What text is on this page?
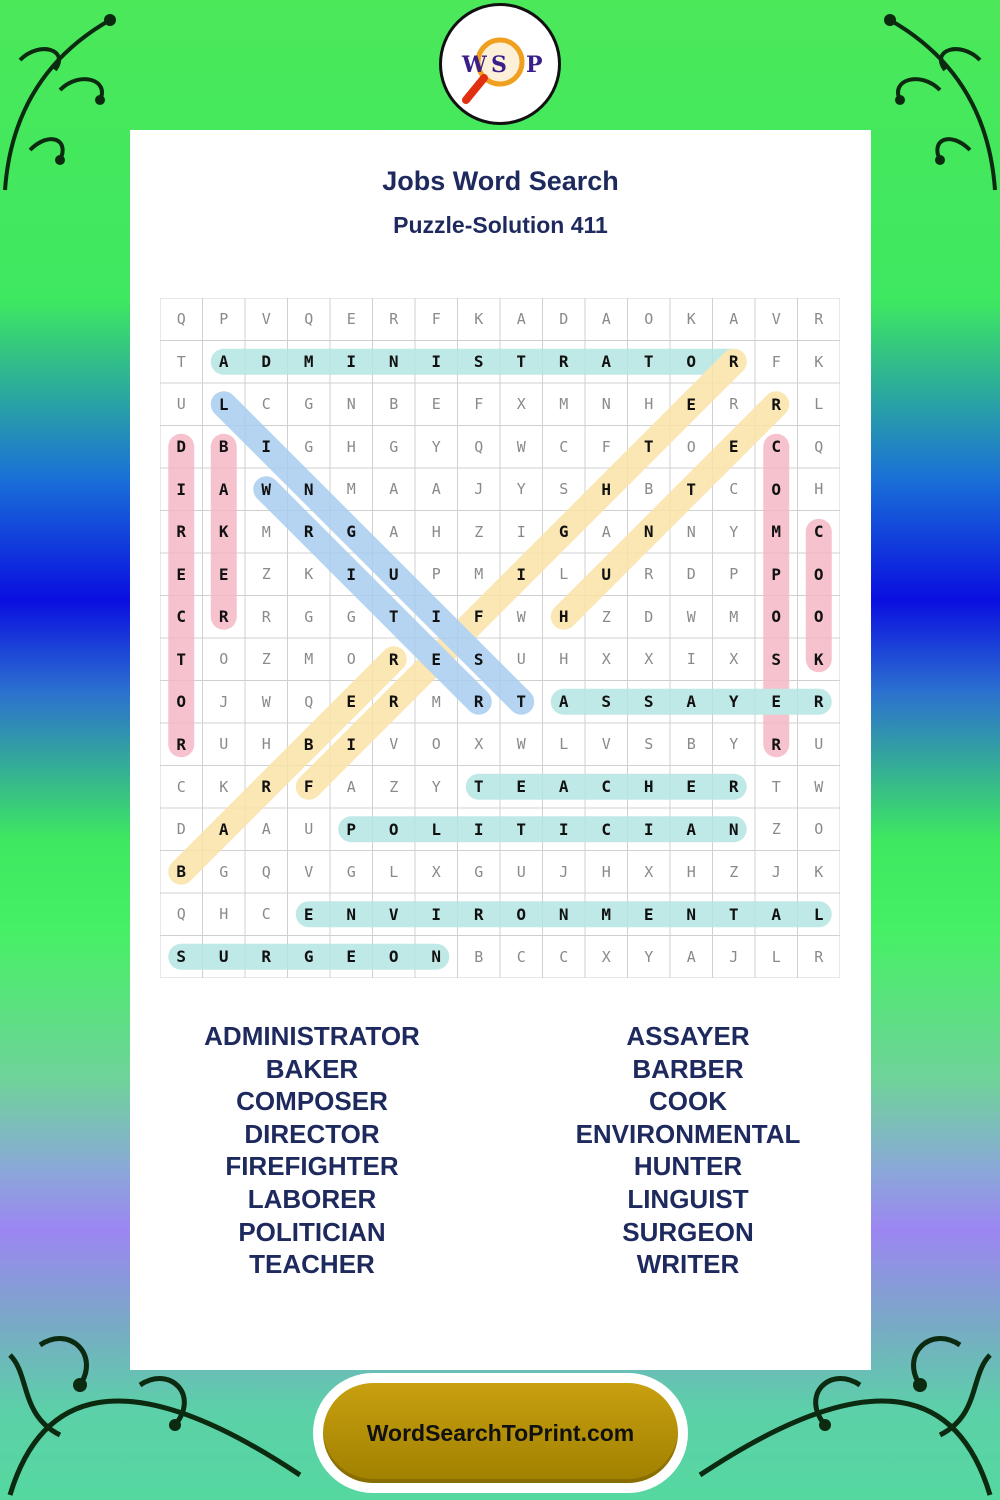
Jobs Word Search
Puzzle-Solution 411
Q	P	V	Q	E	R	F	K	A	D	A	O	K	A	V	R
T	A	D	M	I	N	I	S	T	R	A	T	O	R	F	K
U	L	C	G	N	B	E	F	X	M	N	H	E	R	R	L
D	B	I	G	H	G	Y	Q	W	C	F	T	O	E	C	Q
I	A	W	N	M	A	A	J	Y	S	H	B	T	C	O	H
R	K	M	R	G	A	H	Z	I	G	A	N	N	Y	M	C
E	E	Z	K	I	U	P	M	I	L	U	R	D	P	P	O
C	R	R	G	G	T	I	F	W	H	Z	D	W	M	O	O
T	O	Z	M	O	R	E	S	U	H	X	X	I	X	S	K
O	J	W	Q	E	R	M	R	T	A	S	S	A	Y	E	R
R	U	H	B	I	V	O	X	W	L	V	S	B	Y	R	U
C	K	R	F	A	Z	Y	T	E	A	C	H	E	R	T	W
D	A	A	U	P	O	L	I	T	I	C	I	A	N	Z	O
B	G	Q	V	G	L	X	G	U	J	H	X	H	Z	J	K
Q	H	C	E	N	V	I	R	O	N	M	E	N	T	A	L
S	U	R	G	E	O	N	B	C	C	X	Y	A	J	L	R
ADMINISTRATOR
BAKER
COMPOSER
DIRECTOR
FIREFIGHTER
LABORER
POLITICIAN
TEACHER
ASSAYER
BARBER
COOK
ENVIRONMENTAL
HUNTER
LINGUIST
SURGEON
WRITER
W S P
WordSearchToPrint.com
